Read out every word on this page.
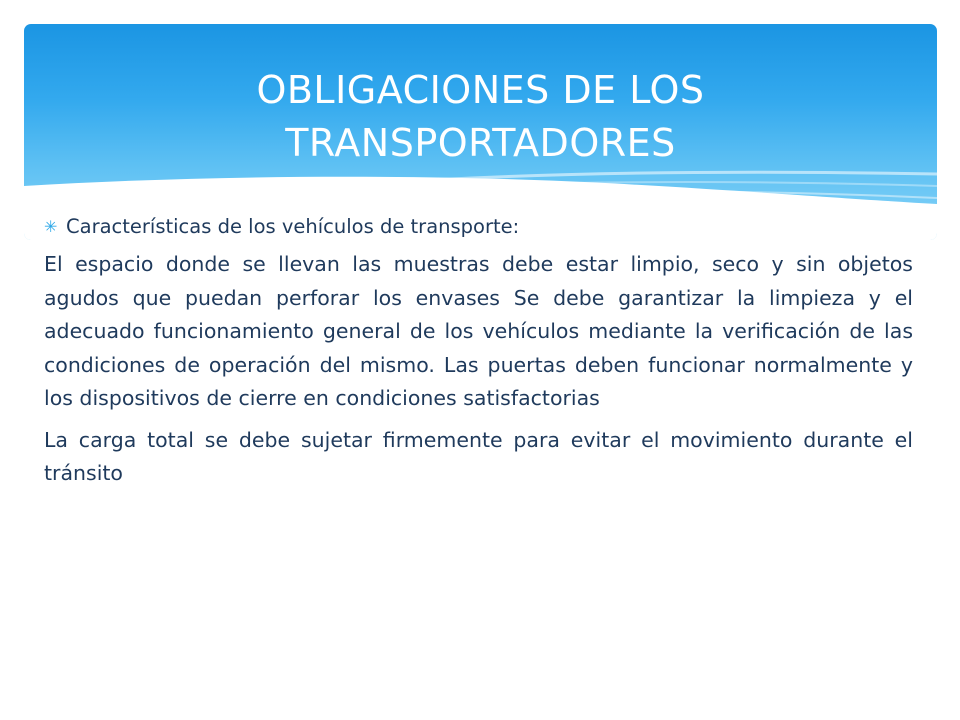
OBLIGACIONES DE LOS
TRANSPORTADORES
✳ Características de los vehículos de transporte:

El espacio donde se llevan las muestras debe estar limpio, seco y sin objetos agudos que puedan perforar los envases Se debe garantizar la limpieza y el adecuado funcionamiento general de los vehículos mediante la verificación de las condiciones de operación del mismo. Las puertas deben funcionar normalmente y los dispositivos de cierre en condiciones satisfactorias

La carga total se debe sujetar firmemente para evitar el movimiento durante el tránsito
